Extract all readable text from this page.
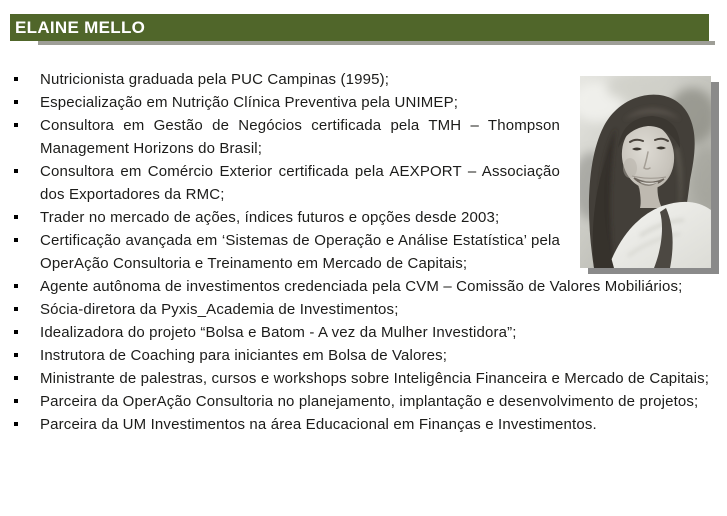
ELAINE MELLO
Nutricionista graduada pela PUC Campinas (1995);
Especialização em Nutrição Clínica Preventiva pela UNIMEP;
Consultora em Gestão de Negócios certificada pela TMH – Thompson Management Horizons do Brasil;
Consultora em Comércio Exterior certificada pela AEXPORT – Associação dos Exportadores da RMC;
Trader no mercado de ações, índices futuros e opções desde 2003;
Certificação avançada em ‘Sistemas de Operação e Análise Estatística’ pela OperAção Consultoria e Treinamento em Mercado de Capitais;
Agente autônoma de investimentos credenciada pela CVM – Comissão de Valores Mobiliários;
Sócia-diretora da Pyxis_Academia de Investimentos;
Idealizadora do projeto “Bolsa e Batom - A vez da Mulher Investidora”;
Instrutora de Coaching para iniciantes em Bolsa de Valores;
Ministrante de palestras, cursos e workshops sobre Inteligência Financeira e Mercado de Capitais;
Parceira da OperAção Consultoria no planejamento, implantação e desenvolvimento de projetos;
Parceira da UM Investimentos na área Educacional em Finanças e Investimentos.
